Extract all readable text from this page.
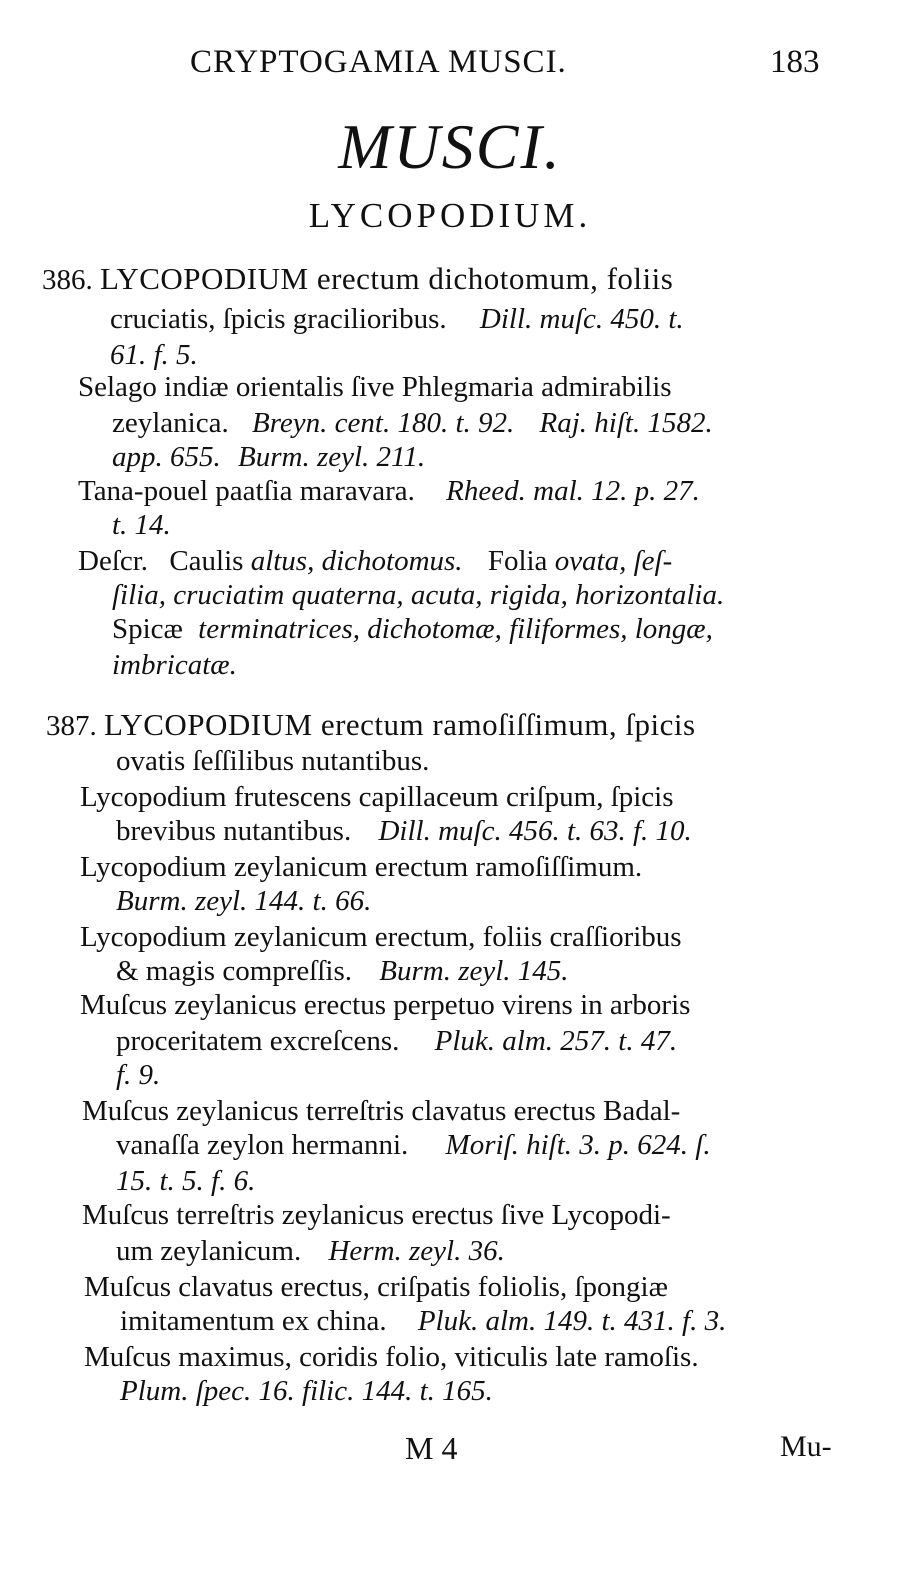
CRYPTOGAMIA MUSCI.	183
MUSCI.
LYCOPODIUM.
386. LYCOPODIUM erectum dichotomum, foliis
cruciatis, ſpicis gracilioribus. Dill. muſc. 450. t.
61. f. 5.
Selago indiæ orientalis ſive Phlegmaria admirabilis
zeylanica. Breyn. cent. 180. t. 92. Raj. hiſt. 1582.
app. 655. Burm. zeyl. 211.
Tana-pouel paatſia maravara. Rheed. mal. 12. p. 27.
t. 14.
Deſcr. Caulis altus, dichotomus. Folia ovata, ſeſ-
ſilia, cruciatim quaterna, acuta, rigida, horizontalia.
Spicæ terminatrices, dichotomæ, filiformes, longæ,
imbricatæ.
387. LYCOPODIUM erectum ramoſiſſimum, ſpicis
ovatis ſeſſilibus nutantibus.
Lycopodium frutescens capillaceum criſpum, ſpicis
brevibus nutantibus. Dill. muſc. 456. t. 63. f. 10.
Lycopodium zeylanicum erectum ramoſiſſimum.
Burm. zeyl. 144. t. 66.
Lycopodium zeylanicum erectum, foliis craſſioribus
& magis compreſſis. Burm. zeyl. 145.
Muſcus zeylanicus erectus perpetuo virens in arboris
proceritatem excreſcens. Pluk. alm. 257. t. 47.
f. 9.
Muſcus zeylanicus terreſtris clavatus erectus Badal-
vanaſſa zeylon hermanni. Moriſ. hiſt. 3. p. 624. ſ.
15. t. 5. f. 6.
Muſcus terreſtris zeylanicus erectus ſive Lycopodi-
um zeylanicum. Herm. zeyl. 36.
Muſcus clavatus erectus, criſpatis foliolis, ſpongiæ
imitamentum ex china. Pluk. alm. 149. t. 431. f. 3.
Muſcus maximus, coridis folio, viticulis late ramoſis.
Plum. ſpec. 16. filic. 144. t. 165.
M 4	Mu-
